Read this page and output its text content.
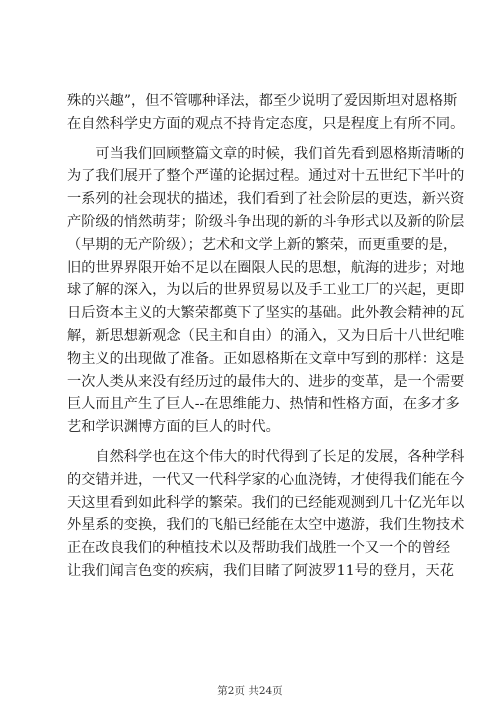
殊的兴趣”，但不管哪种译法，都至少说明了爱因斯坦对恩格斯
在自然科学史方面的观点不持肯定态度，只是程度上有所不同。
　　可当我们回顾整篇文章的时候，我们首先看到恩格斯清晰的
为了我们展开了整个严谨的论据过程。通过对十五世纪下半叶的
一系列的社会现状的描述，我们看到了社会阶层的更迭，新兴资
产阶级的悄然萌芽；阶级斗争出现的新的斗争形式以及新的阶层
（早期的无产阶级）；艺术和文学上新的繁荣，而更重要的是，
旧的世界界限开始不足以在圈限人民的思想，航海的进步；对地
球了解的深入，为以后的世界贸易以及手工业工厂的兴起，更即
日后资本主义的大繁荣都奠下了坚实的基础。此外教会精神的瓦
解，新思想新观念（民主和自由）的涌入，又为日后十八世纪唯
物主义的出现做了准备。正如恩格斯在文章中写到的那样：这是
一次人类从来没有经历过的最伟大的、进步的变革，是一个需要
巨人而且产生了巨人--在思维能力、热情和性格方面，在多才多
艺和学识渊博方面的巨人的时代。
　　自然科学也在这个伟大的时代得到了长足的发展，各种学科
的交错并进，一代又一代科学家的心血浇铸，才使得我们能在今
天这里看到如此科学的繁荣。我们的已经能观测到几十亿光年以
外星系的变换，我们的飞船已经能在太空中遨游，我们生物技术
正在改良我们的种植技术以及帮助我们战胜一个又一个的曾经
让我们闻言色变的疾病，我们目睹了阿波罗11号的登月，天花
第2页 共24页
